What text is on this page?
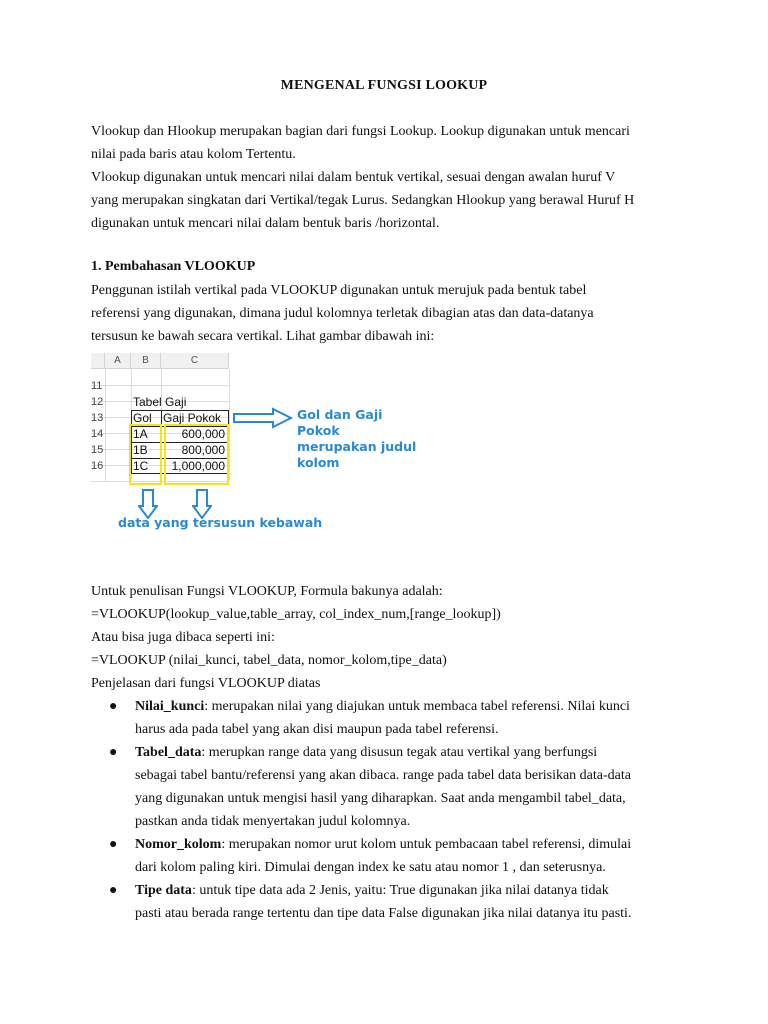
MENGENAL FUNGSI LOOKUP
Vlookup dan Hlookup merupakan bagian dari fungsi Lookup. Lookup digunakan untuk mencari
nilai pada baris atau kolom Tertentu.
Vlookup digunakan untuk mencari nilai dalam bentuk vertikal, sesuai dengan awalan huruf V
yang merupakan singkatan dari Vertikal/tegak Lurus. Sedangkan Hlookup yang berawal Huruf H
digunakan untuk mencari nilai dalam bentuk baris /horizontal.
1. Pembahasan VLOOKUP
Penggunan istilah vertikal pada VLOOKUP digunakan untuk merujuk pada bentuk tabel
referensi yang digunakan, dimana judul kolomnya terletak dibagian atas dan data-datanya
tersusun ke bawah secara vertikal. Lihat gambar dibawah ini:
A	B	C
11
12
13
14
15
16
Tabel Gaji
Gol Gaji Pokok
1A	600,000
1B	800,000
1C	1,000,000
Gol dan Gaji Pokok
merupakan judul
kolom
data yang tersusun kebawah
Untuk penulisan Fungsi VLOOKUP, Formula bakunya adalah:
=VLOOKUP(lookup_value,table_array, col_index_num,[range_lookup])
Atau bisa juga dibaca seperti ini:
=VLOOKUP (nilai_kunci, tabel_data, nomor_kolom,tipe_data)
Penjelasan dari fungsi VLOOKUP diatas
● Nilai_kunci: merupakan nilai yang diajukan untuk membaca tabel referensi. Nilai kunci
harus ada pada tabel yang akan disi maupun pada tabel referensi.
● Tabel_data: merupkan range data yang disusun tegak atau vertikal yang berfungsi
sebagai tabel bantu/referensi yang akan dibaca. range pada tabel data berisikan data-data
yang digunakan untuk mengisi hasil yang diharapkan. Saat anda mengambil tabel_data,
pastkan anda tidak menyertakan judul kolomnya.
● Nomor_kolom: merupakan nomor urut kolom untuk pembacaan tabel referensi, dimulai
dari kolom paling kiri. Dimulai dengan index ke satu atau nomor 1 , dan seterusnya.
● Tipe data: untuk tipe data ada 2 Jenis, yaitu: True digunakan jika nilai datanya tidak
pasti atau berada range tertentu dan tipe data False digunakan jika nilai datanya itu pasti.
